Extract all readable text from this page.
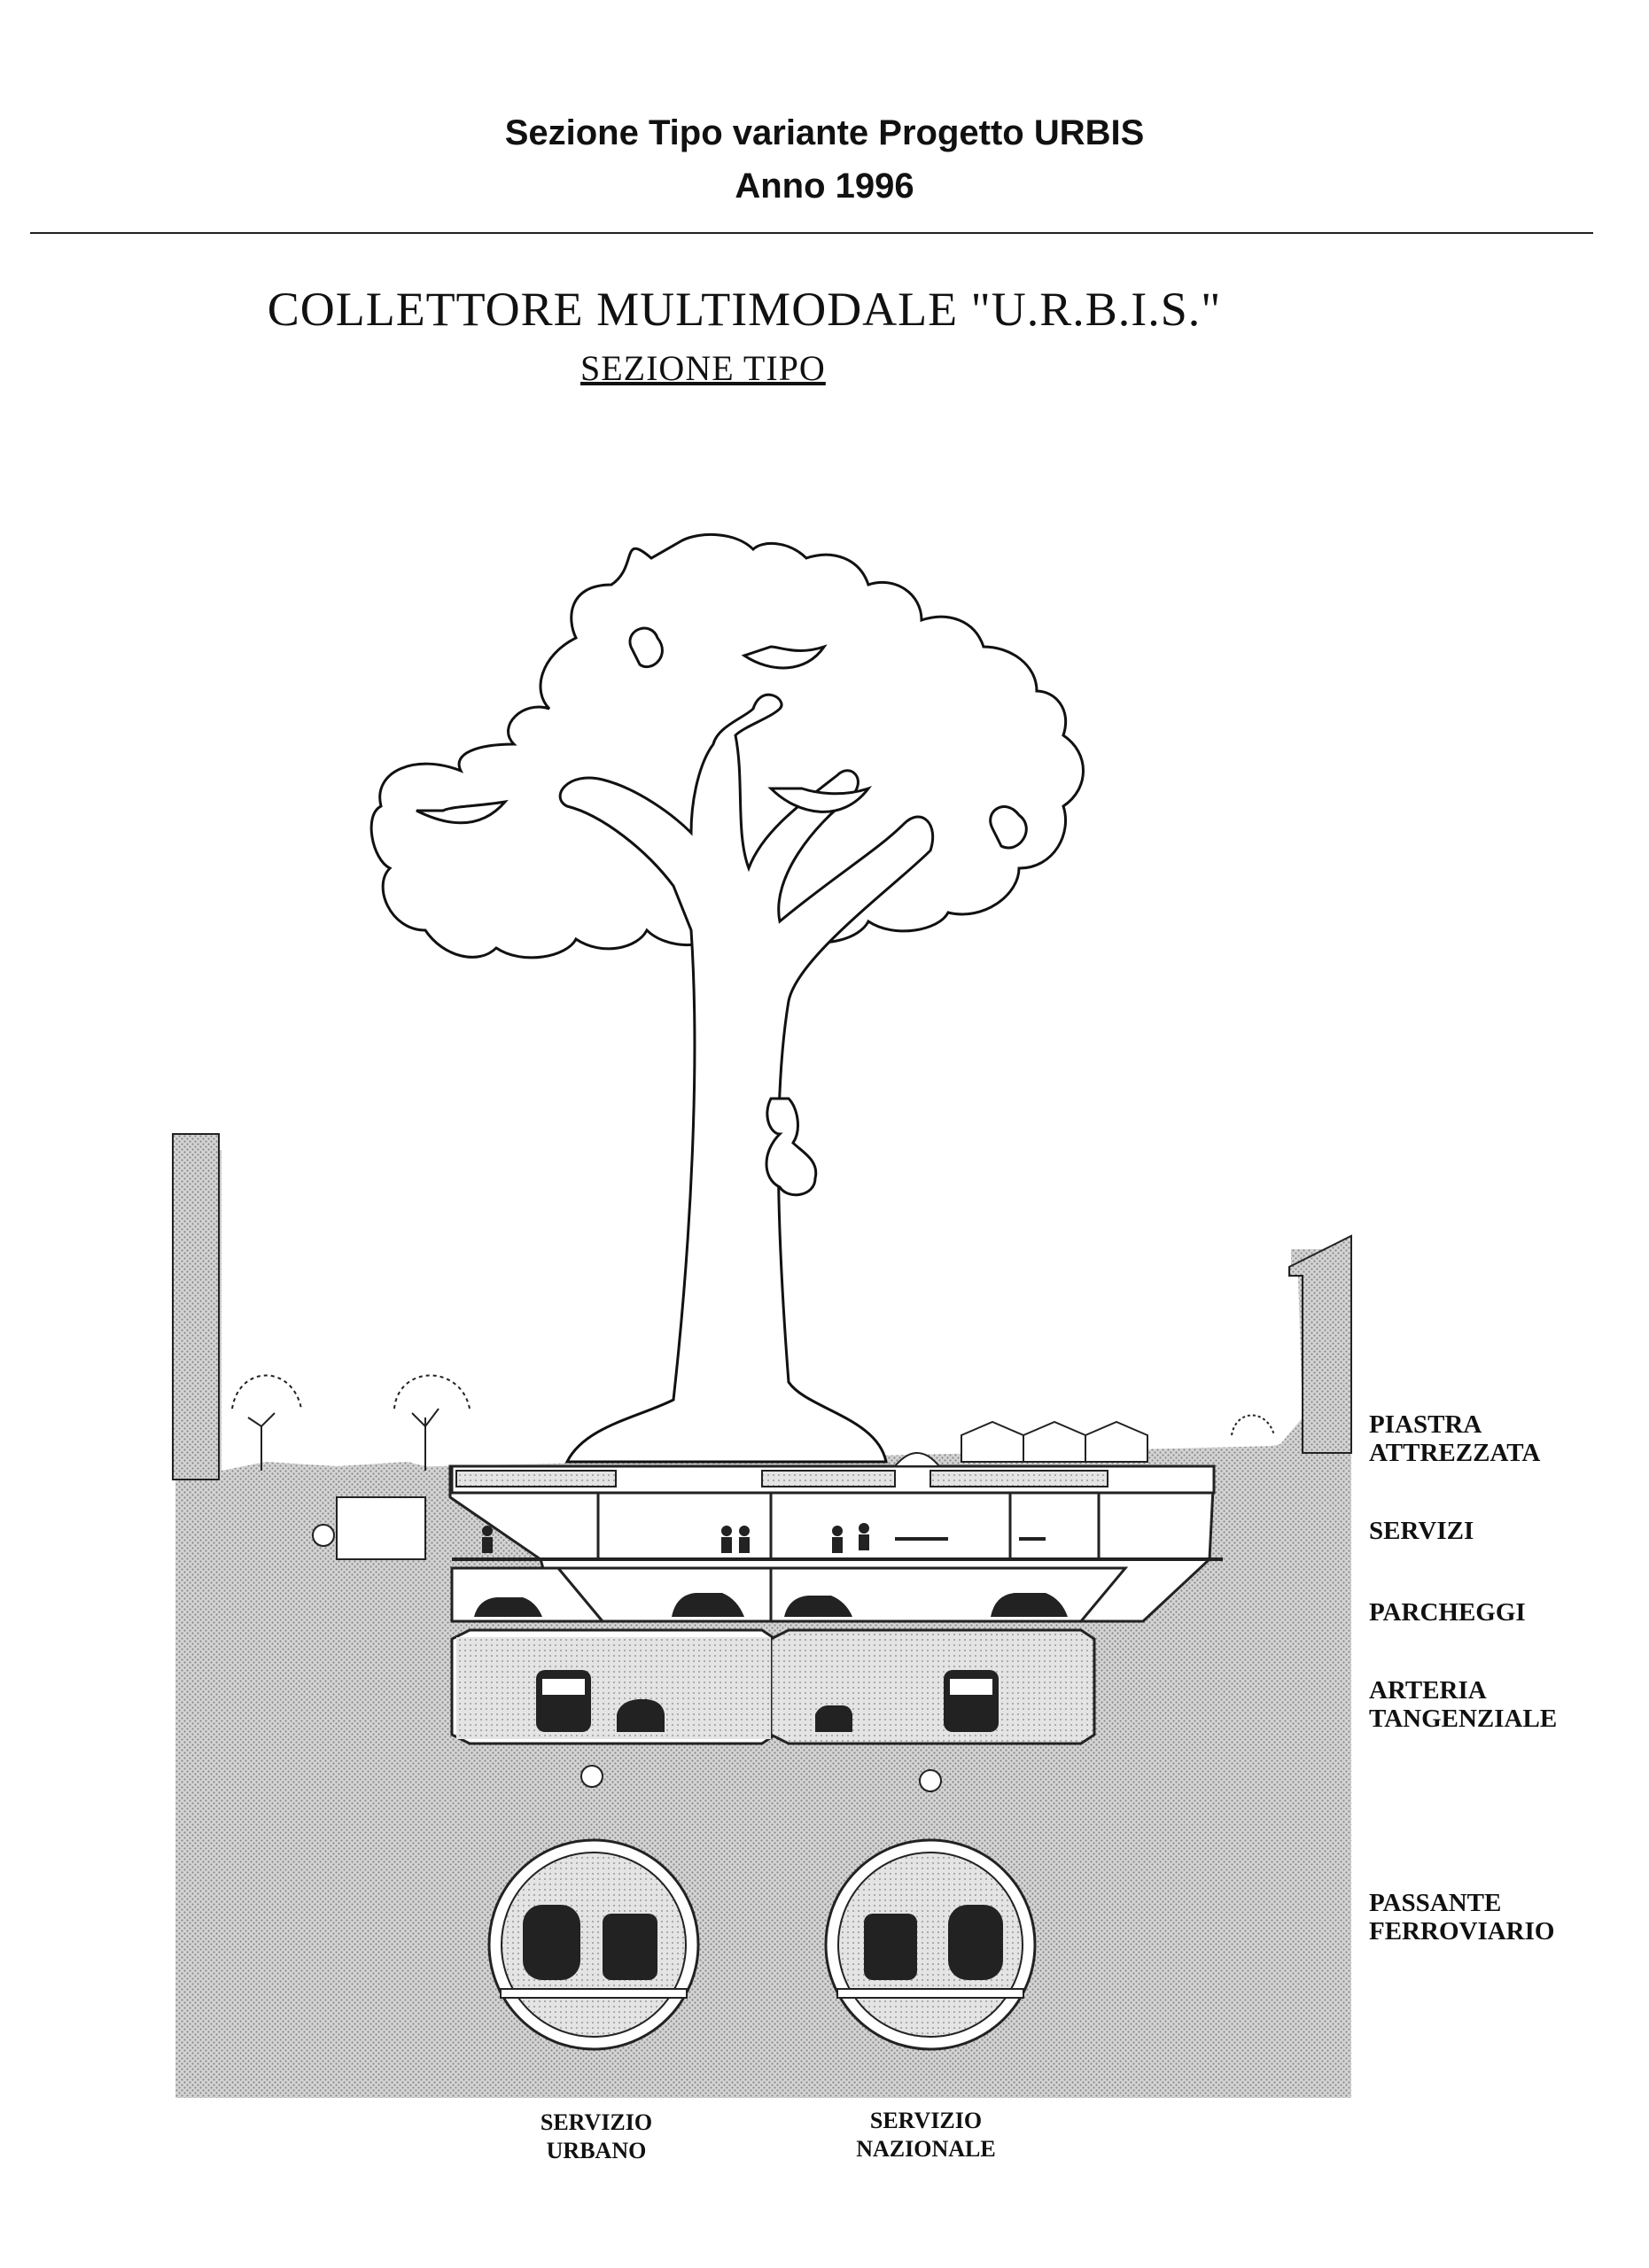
Sezione Tipo variante Progetto URBIS
Anno 1996
COLLETTORE MULTIMODALE "U.R.B.I.S."
SEZIONE TIPO
PIASTRA
ATTREZZATA
SERVIZI
PARCHEGGI
ARTERIA
TANGENZIALE
PASSANTE
FERROVIARIO
SERVIZIO
URBANO
SERVIZIO
NAZIONALE
